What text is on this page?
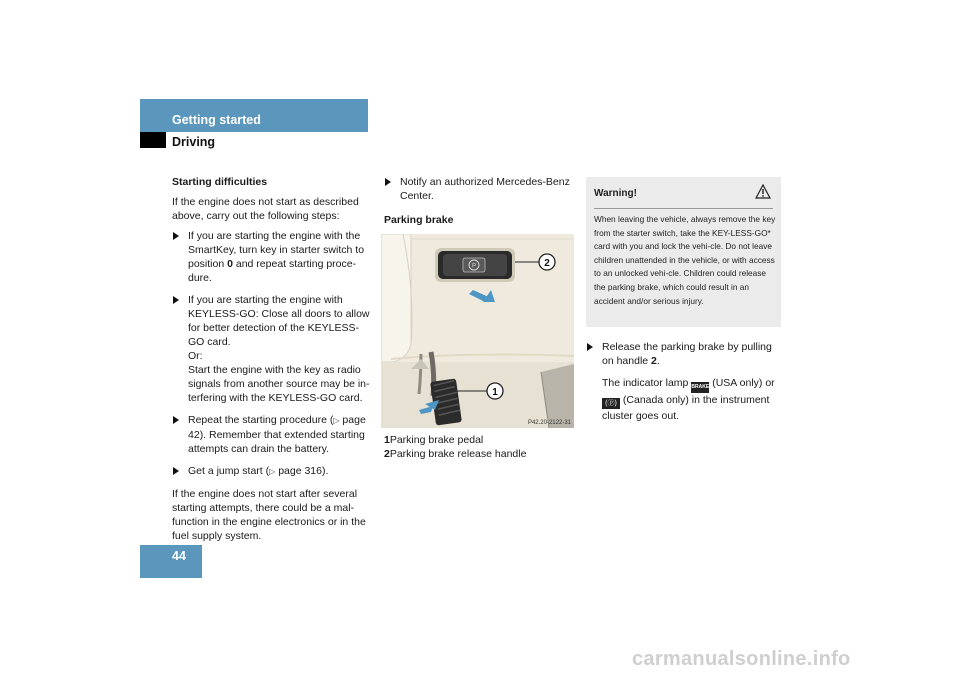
Getting started
Driving

Starting difficulties

If the engine does not start as described above, carry out the following steps:

If you are starting the engine with the SmartKey, turn key in starter switch to position 0 and repeat starting proce-dure.

If you are starting the engine with KEYLESS-GO: Close all doors to allow for better detection of the KEYLESS-GO card.
Or:
Start the engine with the key as radio signals from another source may be in-terfering with the KEYLESS-GO card.

Repeat the starting procedure (▷ page 42). Remember that extended starting attempts can drain the battery.

Get a jump start (▷ page 316).

If the engine does not start after several starting attempts, there could be a mal-function in the engine electronics or in the fuel supply system.

Notify an authorized Mercedes-Benz Center.

Parking brake

P	2
1
P42.20-2122-31

1Parking brake pedal

2Parking brake release handle

Warning!
When leaving the vehicle, always remove the key from the starter switch, take the KEY-LESS-GO* card with you and lock the vehi-cle. Do not leave children unattended in the vehicle, or with access to an unlocked vehi-cle. Children could release the parking brake, which could result in an accident and/or serious injury.

Release the parking brake by pulling on handle 2.

The indicator lamp BRAKE (USA only) or (ⓟ) (Canada only) in the instrument cluster goes out.

44
carmanualsonline.info
